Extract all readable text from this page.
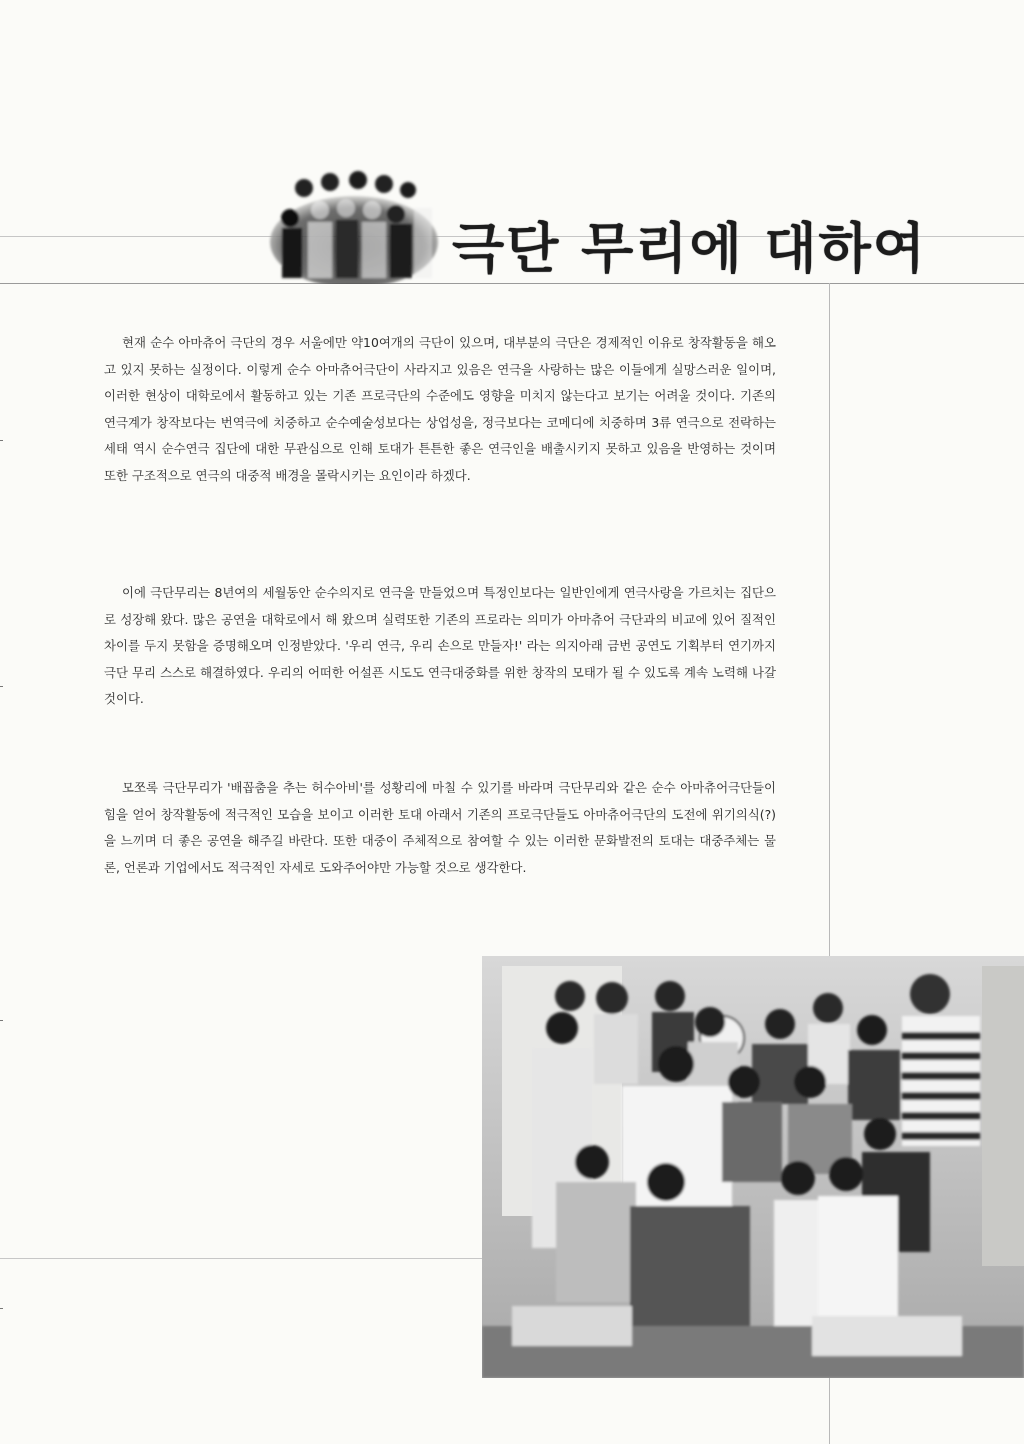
극단 무리에 대하여

현재 순수 아마츄어 극단의 경우 서울에만 약10여개의 극단이 있으며, 대부분의 극단은 경제적인 이유로 창작활동을 해오고 있지 못하는 실정이다. 이렇게 순수 아마츄어극단이 사라지고 있음은 연극을 사랑하는 많은 이들에게 실망스러운 일이며, 이러한 현상이 대학로에서 활동하고 있는 기존 프로극단의 수준에도 영향을 미치지 않는다고 보기는 어려울 것이다. 기존의 연극계가 창작보다는 번역극에 치중하고 순수예술성보다는 상업성을, 정극보다는 코메디에 치중하며 3류 연극으로 전락하는 세태 역시 순수연극 집단에 대한 무관심으로 인해 토대가 튼튼한 좋은 연극인을 배출시키지 못하고 있음을 반영하는 것이며 또한 구조적으로 연극의 대중적 배경을 몰락시키는 요인이라 하겠다.

이에 극단무리는 8년여의 세월동안 순수의지로 연극을 만들었으며 특정인보다는 일반인에게 연극사랑을 가르치는 집단으로 성장해 왔다. 많은 공연을 대학로에서 해 왔으며 실력또한 기존의 프로라는 의미가 아마츄어 극단과의 비교에 있어 질적인 차이를 두지 못함을 증명해오며 인정받았다. '우리 연극, 우리 손으로 만들자!' 라는 의지아래 금번 공연도 기획부터 연기까지 극단 무리 스스로 해결하였다. 우리의 어떠한 어설픈 시도도 연극대중화를 위한 창작의 모태가 될 수 있도록 계속 노력해 나갈 것이다.

모쪼록 극단무리가 '배꼽춤을 추는 허수아비'를 성황리에 마칠 수 있기를 바라며 극단무리와 같은 순수 아마츄어극단들이 힘을 얻어 창작활동에 적극적인 모습을 보이고 이러한 토대 아래서 기존의 프로극단들도 아마츄어극단의 도전에 위기의식(?)을 느끼며 더 좋은 공연을 해주길 바란다. 또한 대중이 주체적으로 참여할 수 있는 이러한 문화발전의 토대는 대중주체는 물론, 언론과 기업에서도 적극적인 자세로 도와주어야만 가능할 것으로 생각한다.
